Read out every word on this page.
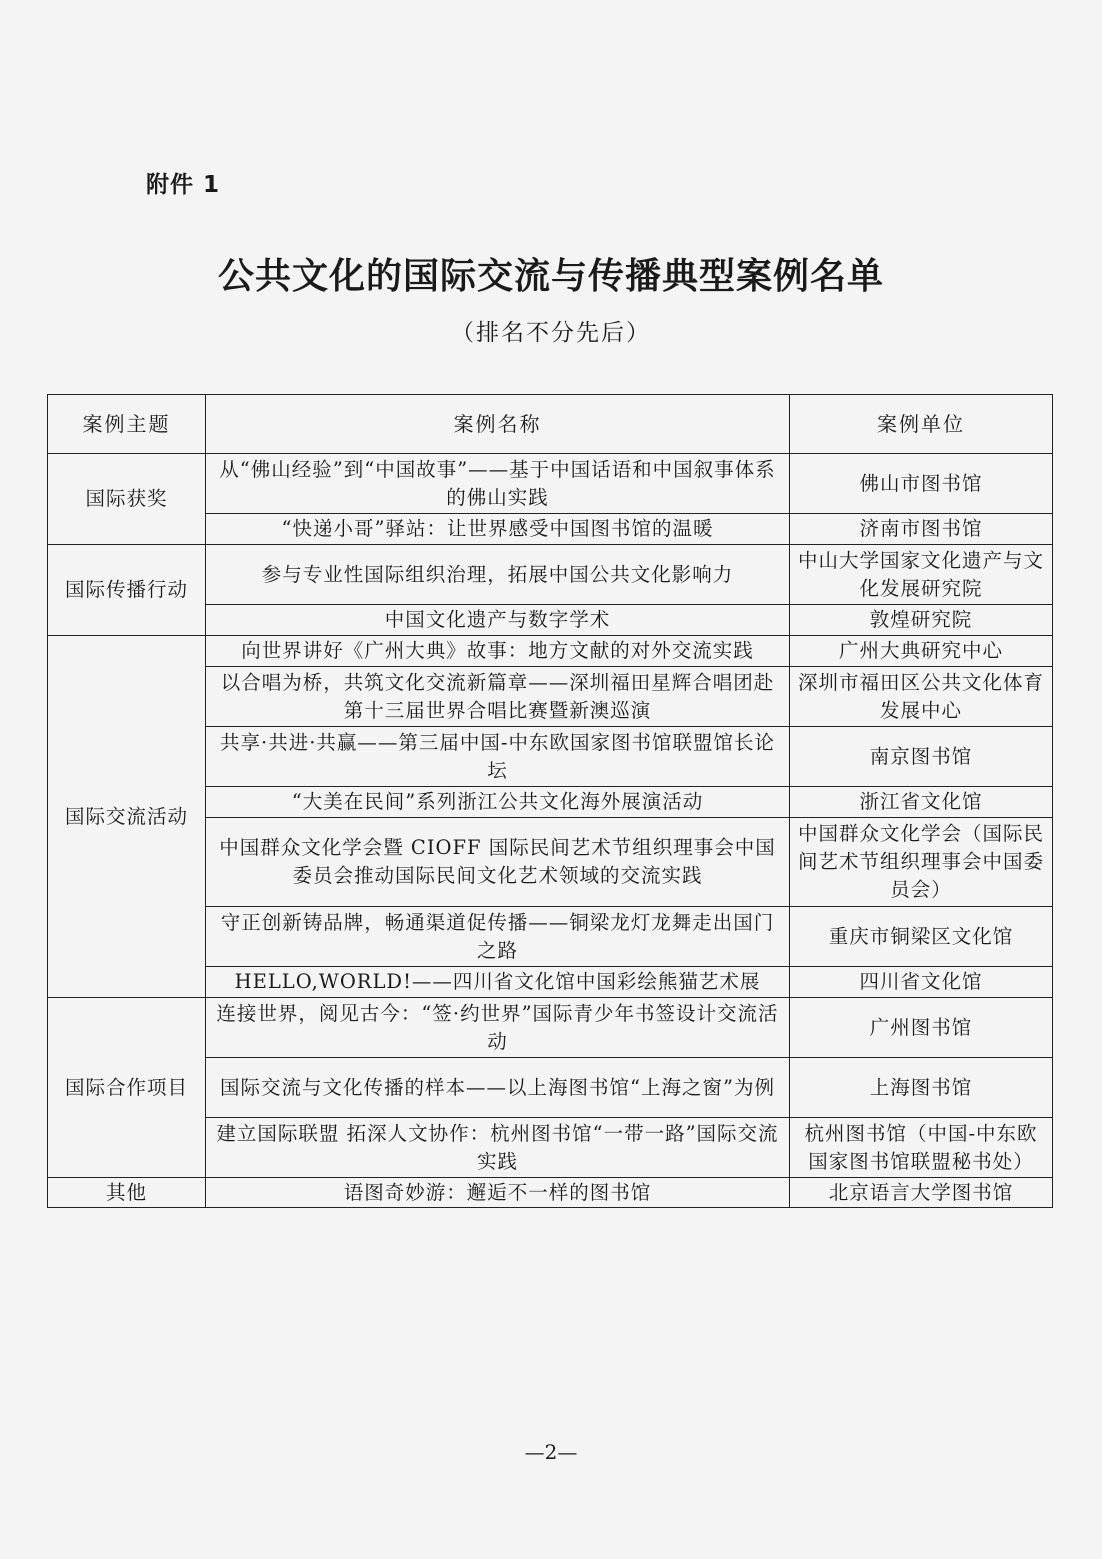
附件 1
公共文化的国际交流与传播典型案例名单
（排名不分先后）
案例主题	案例名称	案例单位
国际获奖	从“佛山经验”到“中国故事”——基于中国话语和中国叙事体系的佛山实践	佛山市图书馆
	“快递小哥”驿站：让世界感受中国图书馆的温暖	济南市图书馆
国际传播行动	参与专业性国际组织治理，拓展中国公共文化影响力	中山大学国家文化遗产与文化发展研究院
	中国文化遗产与数字学术	敦煌研究院
国际交流活动	向世界讲好《广州大典》故事：地方文献的对外交流实践	广州大典研究中心
	以合唱为桥，共筑文化交流新篇章——深圳福田星辉合唱团赴第十三届世界合唱比赛暨新澳巡演	深圳市福田区公共文化体育发展中心
	共享·共进·共赢——第三届中国-中东欧国家图书馆联盟馆长论坛	南京图书馆
	“大美在民间”系列浙江公共文化海外展演活动	浙江省文化馆
	中国群众文化学会暨 CIOFF 国际民间艺术节组织理事会中国委员会推动国际民间文化艺术领域的交流实践	中国群众文化学会（国际民间艺术节组织理事会中国委员会）
	守正创新铸品牌，畅通渠道促传播——铜梁龙灯龙舞走出国门之路	重庆市铜梁区文化馆
	HELLO,WORLD!——四川省文化馆中国彩绘熊猫艺术展	四川省文化馆
国际合作项目	连接世界，阅见古今：“签·约世界”国际青少年书签设计交流活动	广州图书馆
	国际交流与文化传播的样本——以上海图书馆“上海之窗”为例	上海图书馆
	建立国际联盟 拓深人文协作：杭州图书馆“一带一路”国际交流实践	杭州图书馆（中国-中东欧国家图书馆联盟秘书处）
其他	语图奇妙游：邂逅不一样的图书馆	北京语言大学图书馆
—2—
